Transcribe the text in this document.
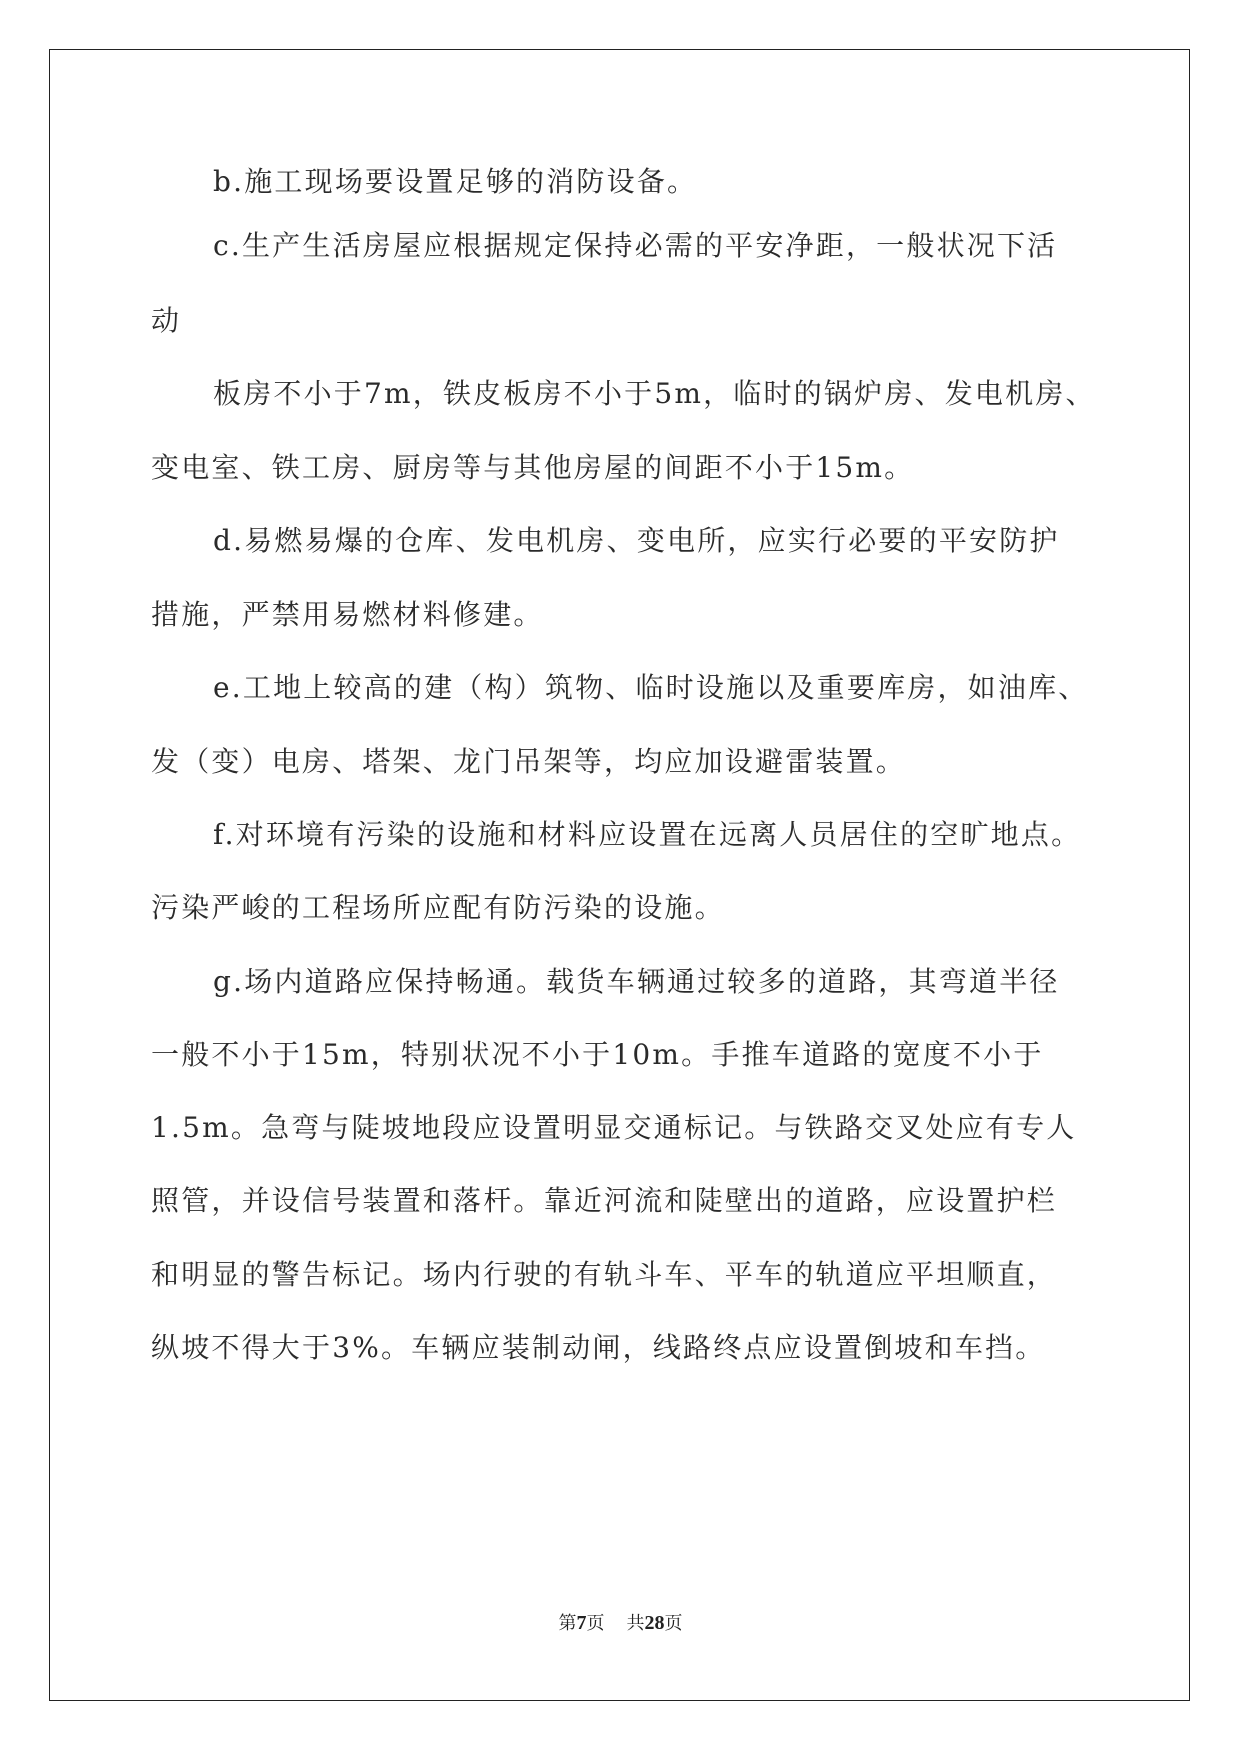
b.施工现场要设置足够的消防设备。
c.生产生活房屋应根据规定保持必需的平安净距，一般状况下活
动
板房不小于7m，铁皮板房不小于5m，临时的锅炉房、发电机房、
变电室、铁工房、厨房等与其他房屋的间距不小于15m。
d.易燃易爆的仓库、发电机房、变电所，应实行必要的平安防护
措施，严禁用易燃材料修建。
e.工地上较高的建（构）筑物、临时设施以及重要库房，如油库、
发（变）电房、塔架、龙门吊架等，均应加设避雷装置。
f.对环境有污染的设施和材料应设置在远离人员居住的空旷地点。
污染严峻的工程场所应配有防污染的设施。
g.场内道路应保持畅通。载货车辆通过较多的道路，其弯道半径
一般不小于15m，特别状况不小于10m。手推车道路的宽度不小于
1.5m。急弯与陡坡地段应设置明显交通标记。与铁路交叉处应有专人
照管，并设信号装置和落杆。靠近河流和陡壁出的道路，应设置护栏
和明显的警告标记。场内行驶的有轨斗车、平车的轨道应平坦顺直，
纵坡不得大于3%。车辆应装制动闸，线路终点应设置倒坡和车挡。
第7页 共28页
